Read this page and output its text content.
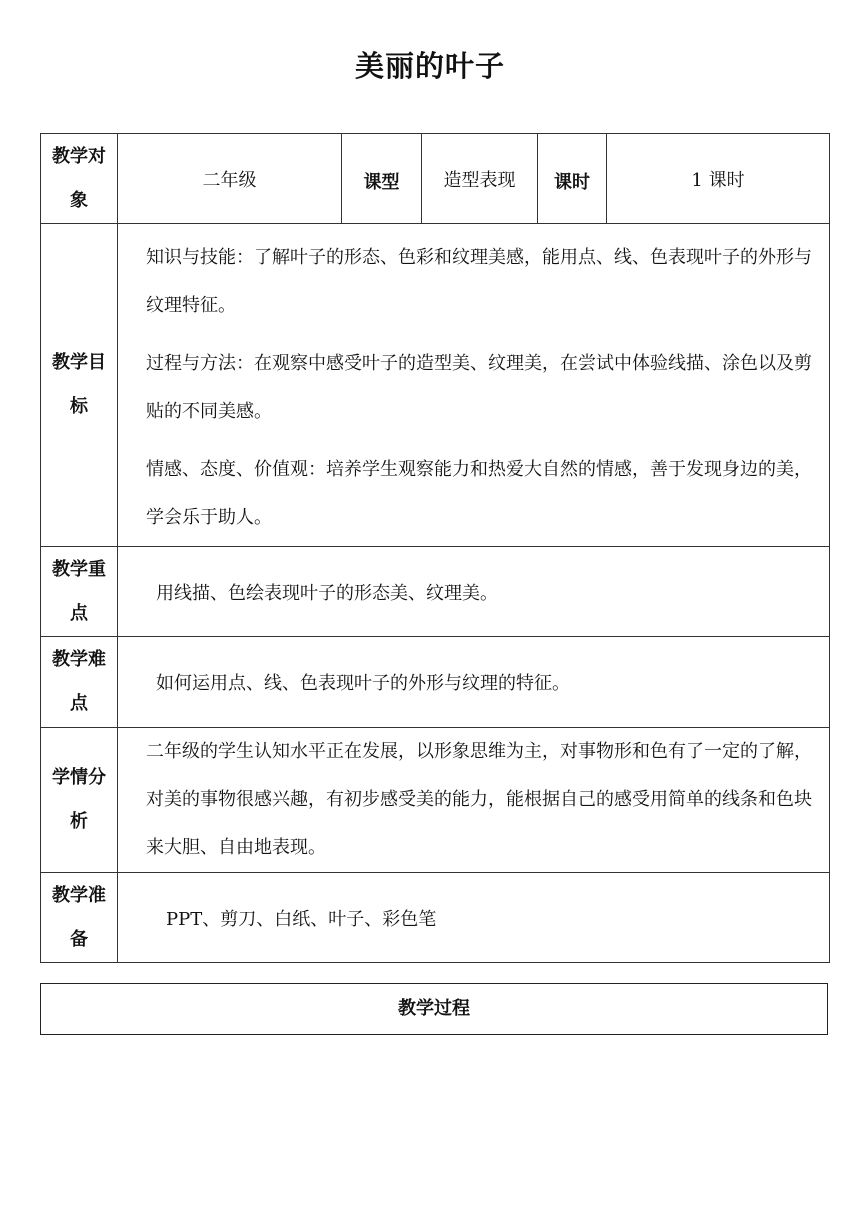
美丽的叶子
教学对象	二年级	课型	造型表现	课时	1 课时
教学目标	知识与技能：了解叶子的形态、色彩和纹理美感，能用点、线、色表现叶子的外形与纹理特征。
过程与方法：在观察中感受叶子的造型美、纹理美，在尝试中体验线描、涂色以及剪贴的不同美感。
情感、态度、价值观：培养学生观察能力和热爱大自然的情感，善于发现身边的美，学会乐于助人。				

教学重点	用线描、色绘表现叶子的形态美、纹理美。				
教学难点	如何运用点、线、色表现叶子的外形与纹理的特征。				
学情分析	二年级的学生认知水平正在发展，以形象思维为主，对事物形和色有了一定的了解，对美的事物很感兴趣，有初步感受美的能力，能根据自己的感受用简单的线条和色块来大胆、自由地表现。				
教学准备	PPT、剪刀、白纸、叶子、彩色笔				
教学过程
